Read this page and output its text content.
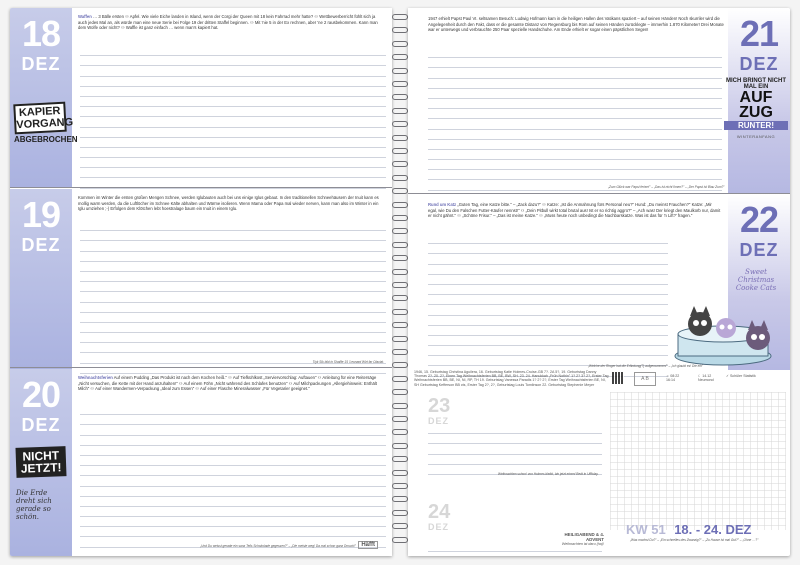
18
DEZ
KAPIER
VORGANG
ABGEBROCHEN
Waffen … 3 Bälle ersten ⚇ Apfel. Wie viele Eiche landen in Island, wenn der Corgi der Queen mit 18 kein Fahrrad mehr hatte? ⚇ Wettbewerberricht fühlt sich ja auch jedes Mal an, als würde man eine neue Serie bei Folge 19 der dritten Staffel beginnen. ⚇ Mit 'nie 5 in der Ex rechnen, aber 'ne 2 rausbekommen. Kann man dem Wolfe oder nicht? ⚇ Waffle ist ganz einfach … wenn man's kapiert hat.
19
DEZ
Kommen im Winter die ersten großen Mengen Schnee, werden Iglubauten auch bei uns einige Iglus gebaut. In den traditionellen Schneehäusern der Inuit kann es mollig warm werden, da die Luftlöcher im Schnee Kälte abhalten und Wärme isolieren. Wenn Mama oder Papa mal wieder nerven, kann man also im Winter in ein Iglu umziehen ;-) Erfolgen dem Klötchen lebt hoestralage baum ein Inuit in einem Iglu.
Tiyk Sik bild in Shallfe 15 'Leonard Wirt far Olaviat.
20
DEZ
NICHT
JETZT!
Die Erde dreht sich gerade so schön.
Weihnachtsferien Auf einem Pudding „Das Produkt ist nach dem Kochen heiß." ⚇ Auf Tiefkühlkost „Serviervorschlag: Auftauen" ⚇ Anleitung für eine Reitersäge „Nicht versuchen, die Kette mit der Hand anzuhalten!" ⚇ Auf einem Föhn „Nicht während des Schlafes benutzen" ⚇ Auf Milchpackungen „Allergiehinweis: Enthält Milch" ⚇ Auf einer Wandermen-Verpackung „Ideal zum Essen" ⚇ Auf einer Flasche Mineralwasser „Für Vegetarier geeignet."
„Und Du weisst gerade ein sanz Teils Schokolade gegessen?" – „Die meiste weg! Da mal schon ganz Dmuck!" Häfft
21
DEZ
MICH BRINGT NICHT MAL EIN
AUF
ZUG
RUNTER!
WINTERANFANG
1947 erhielt Papst Paul VI. seltsamen Besuch: Ludwig Hofmann kam in die heiligen Hallen des Vatikans spaziert – auf seinen Händen! Noch skurriler wird die Angelegenheit durch den Fakt, dass er die gesamte Distanz von Regensburg bis Rom auf seinen Händen zurücklegte – immerhin 1.870 Kilometer! Drei Monate war er unterwegs und verbrauchte 250 Paar spezielle Handschuhe. Am Ende erhielt er sogar einen päpstlichen Segen!
„Zum Glück war Papst ferien!" – „Das ist nicht Ihnen?" – „Der Papst ist Blau Zum?"
22
DEZ
Rund um Katz „Guten Tag, eine Katze bitte." – „Zack dazu?" ⚇ Katze: „Ist die Anmahnung fürs Personal neu?" Hund: „Du meinst Frauchen?" Katze: „Mir egal, wie Du den Falschen Futter-Käufer nennst!" ⚇ „Dein Pitbull wirkt total brutal aus! Ist er so richtig aggro?" – „Ach was! Der kriegt den Maulkorb nur, damit er nicht gähnt." ⚇ „Schöne Frisur." – „Das ist meine Katze." ⚇ „Muss heute noch unbedingt die Nachbarskatze. Was ist das für 'n Lift?' fragen."
Sweet Christmas Cooke Cats
„Welche der Ringer hat die Erfindung(?) aufgenommen!" – „Ich glaubt es! Die ein"
1946, 15. Geburtstag Christina Aguilera, 16. Geburtstag Katie Holmes-Cruise-GB 7?. 2A 5?, 19. Geburtstag Danny Thomas 2?. 20. 2?, Einen Tag Weihnachtsferien BB, BE, BW, SH. 23. 24. Hanukkah „Früh Nothin" 1? 2? 3? 2?, Erster Tag Weihnachtsferien BB, BE, NI, NI, RP, TH 19. Geburtstag Vanessa Paradis 1? 2? 2?, Erster Tag Weihnachtsferien BE, NI, SH Geburtstag Kefferson BB cts, Erster Tag 2?, 2?, Geburtstag Louis Tomlinson 22. Geburtstag Stephenie Meyer
A B	☼ 08:22
16:14
☾ 14.12
Neumond
✓ Schüler Statistik
23
DEZ
Weihnachten schon! von Holmes bleibt, bin jetzt einen! Bedt in Ufffolay.
24
DEZ
HEILIGABEND & 4. ADVENT
Weihnachten ist daru (ha)!
KW 51 18. - 24. DEZ
„Was machst Du?" – „Ein schnelles des Zwanzig?" – „Zu Hause ist mal Gut?" – „Ohne …?"
